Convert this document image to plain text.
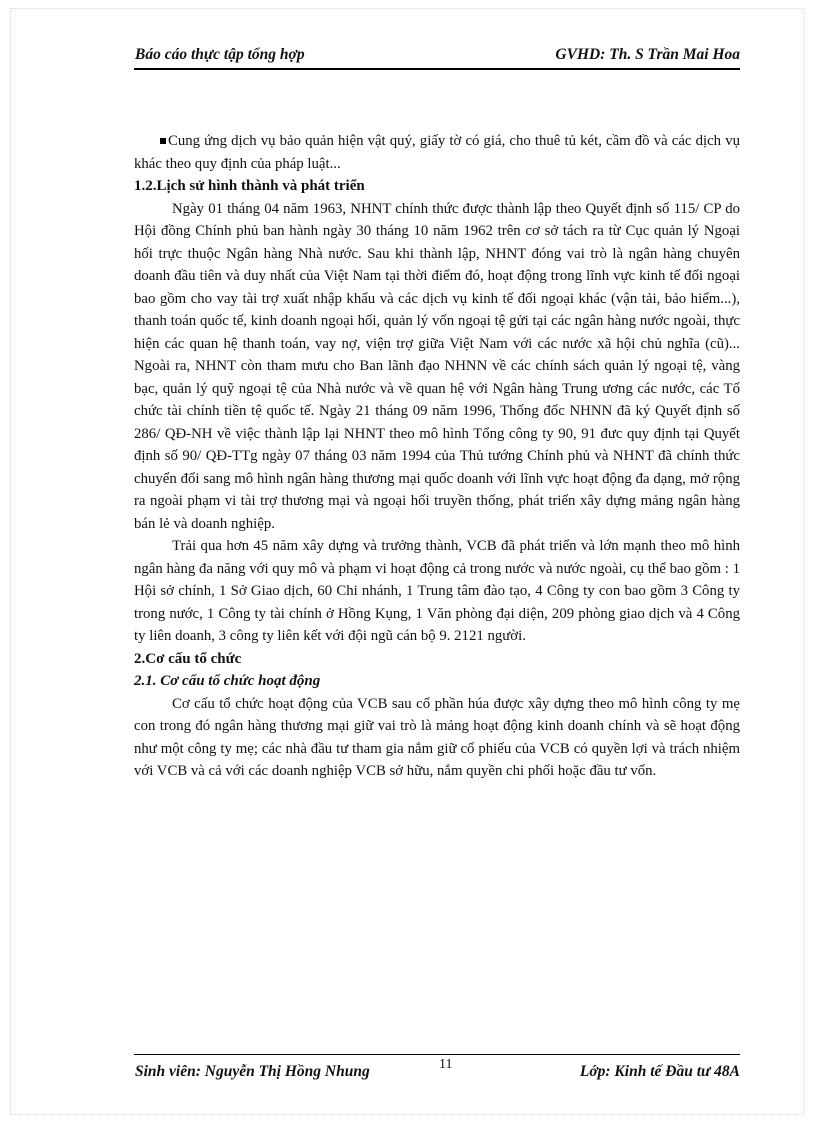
Báo cáo thực tập tổng hợp	GVHD: Th. S Trần Mai Hoa

Cung ứng dịch vụ bảo quản hiện vật quý, giấy tờ có giá, cho thuê tủ két, cầm đồ và các dịch vụ khác theo quy định của pháp luật...

1.2.Lịch sử hình thành và phát triển

Ngày 01 tháng 04 năm 1963, NHNT chính thức được thành lập theo Quyết định số 115/ CP do Hội đồng Chính phủ ban hành ngày 30 tháng 10 năm 1962 trên cơ sở tách ra từ Cục quản lý Ngoại hối trực thuộc Ngân hàng Nhà nước. Sau khi thành lập, NHNT đóng vai trò là ngân hàng chuyên doanh đầu tiên và duy nhất của Việt Nam tại thời điểm đó, hoạt động trong lĩnh vực kinh tế đối ngoại bao gồm cho vay tài trợ xuất nhập khẩu và các dịch vụ kinh tế đối ngoại khác (vận tải, bảo hiểm...), thanh toán quốc tế, kinh doanh ngoại hối, quản lý vốn ngoại tệ gửi tại các ngân hàng nước ngoài, thực hiện các quan hệ thanh toán, vay nợ, viện trợ giữa Việt Nam với các nước xã hội chủ nghĩa (cũ)... Ngoài ra, NHNT còn tham mưu cho Ban lãnh đạo NHNN về các chính sách quản lý ngoại tệ, vàng bạc, quản lý quỹ ngoại tệ của Nhà nước và về quan hệ với Ngân hàng Trung ương các nước, các Tổ chức tài chính tiền tệ quốc tế. Ngày 21 tháng 09 năm 1996, Thống đốc NHNN đã ký Quyết định số 286/ QĐ-NH về việc thành lập lại NHNT theo mô hình Tổng công ty 90, 91 đưc quy định tại Quyết định số 90/ QĐ-TTg ngày 07 tháng 03 năm 1994 của Thủ tướng Chính phủ và NHNT đã chính thức chuyển đổi sang mô hình ngân hàng thương mại quốc doanh với lĩnh vực hoạt động đa dạng, mở rộng ra ngoài phạm vi tài trợ thương mại và ngoại hối truyền thống, phát triển xây dựng mảng ngân hàng bán lẻ và doanh nghiệp.

Trải qua hơn 45 năm xây dựng và trưởng thành, VCB đã phát triển và lớn mạnh theo mô hình ngân hàng đa năng với quy mô và phạm vi hoạt động cả trong nước và nước ngoài, cụ thể bao gồm : 1 Hội sở chính, 1 Sở Giao dịch, 60 Chi nhánh, 1 Trung tâm đào tạo, 4 Công ty con bao gồm 3 Công ty trong nước, 1 Công ty tài chính ở Hồng Kụng, 1 Văn phòng đại diện, 209 phòng giao dịch và 4 Công ty liên doanh, 3 công ty liên kết với đội ngũ cán bộ 9. 2121 người.

2.Cơ cấu tổ chức

2.1. Cơ cấu tổ chức hoạt động

Cơ cấu tổ chức hoạt động của VCB sau cổ phần húa được xây dựng theo mô hình công ty mẹ con trong đó ngân hàng thương mại giữ vai trò là mảng hoạt động kinh doanh chính và sẽ hoạt động như một công ty mẹ; các nhà đầu tư tham gia nắm giữ cổ phiếu của VCB có quyền lợi và trách nhiệm với VCB và cả với các doanh nghiệp VCB sở hữu, nắm quyền chi phối hoặc đầu tư vốn.

Sinh viên: Nguyễn Thị Hồng Nhung	11	Lớp: Kinh tế Đầu tư 48A
